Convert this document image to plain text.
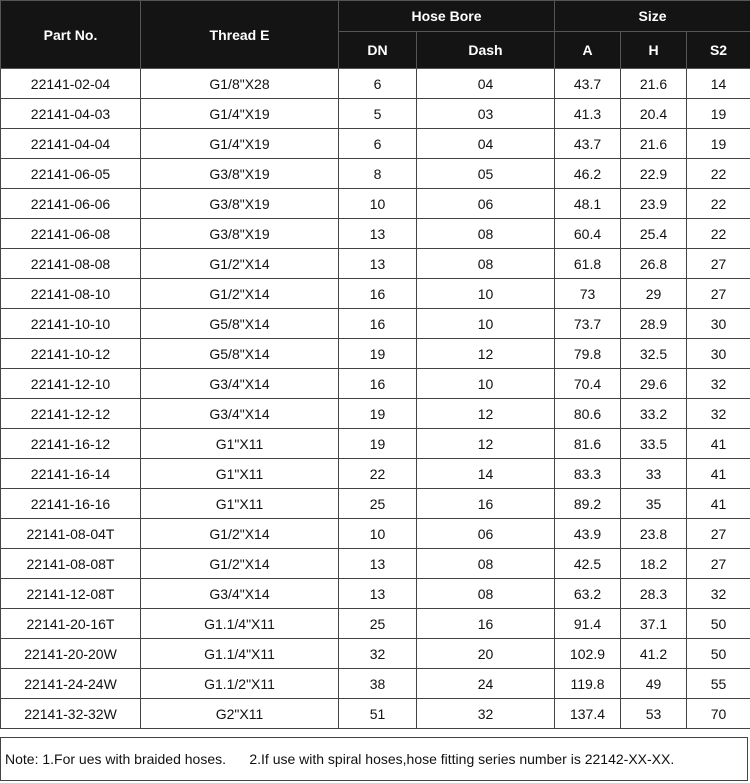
Part No.	Thread E	Hose Bore		Size		
		DN	Dash	A	H	S2
22141-02-04	G1/8"X28	6	04	43.7	21.6	14
22141-04-03	G1/4"X19	5	03	41.3	20.4	19
22141-04-04	G1/4"X19	6	04	43.7	21.6	19
22141-06-05	G3/8"X19	8	05	46.2	22.9	22
22141-06-06	G3/8"X19	10	06	48.1	23.9	22
22141-06-08	G3/8"X19	13	08	60.4	25.4	22
22141-08-08	G1/2"X14	13	08	61.8	26.8	27
22141-08-10	G1/2"X14	16	10	73	29	27
22141-10-10	G5/8"X14	16	10	73.7	28.9	30
22141-10-12	G5/8"X14	19	12	79.8	32.5	30
22141-12-10	G3/4"X14	16	10	70.4	29.6	32
22141-12-12	G3/4"X14	19	12	80.6	33.2	32
22141-16-12	G1"X11	19	12	81.6	33.5	41
22141-16-14	G1"X11	22	14	83.3	33	41
22141-16-16	G1"X11	25	16	89.2	35	41
22141-08-04T	G1/2"X14	10	06	43.9	23.8	27
22141-08-08T	G1/2"X14	13	08	42.5	18.2	27
22141-12-08T	G3/4"X14	13	08	63.2	28.3	32
22141-20-16T	G1.1/4"X11	25	16	91.4	37.1	50
22141-20-20W	G1.1/4"X11	32	20	102.9	41.2	50
22141-24-24W	G1.1/2"X11	38	24	119.8	49	55
22141-32-32W	G2"X11	51	32	137.4	53	70
Note: 1.For ues with braided hoses.      2.If use with spiral hoses,hose fitting series number is 22142-XX-XX.
